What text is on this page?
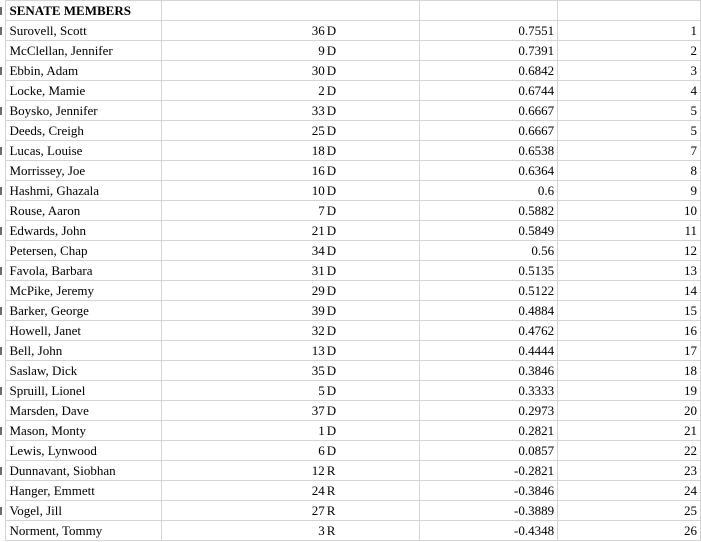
	SENATE MEMBERS				

	Surovell, Scott	36	D	0.7551	1
	McClellan, Jennifer	9	D	0.7391	2

	Ebbin, Adam	30	D	0.6842	3
	Locke, Mamie	2	D	0.6744	4

	Boysko, Jennifer	33	D	0.6667	5
	Deeds, Creigh	25	D	0.6667	5

	Lucas, Louise	18	D	0.6538	7
	Morrissey, Joe	16	D	0.6364	8

	Hashmi, Ghazala	10	D	0.6	9
	Rouse, Aaron	7	D	0.5882	10

	Edwards, John	21	D	0.5849	11
	Petersen, Chap	34	D	0.56	12

	Favola, Barbara	31	D	0.5135	13
	McPike, Jeremy	29	D	0.5122	14

	Barker, George	39	D	0.4884	15
	Howell, Janet	32	D	0.4762	16

	Bell, John	13	D	0.4444	17
	Saslaw, Dick	35	D	0.3846	18

	Spruill, Lionel	5	D	0.3333	19
	Marsden, Dave	37	D	0.2973	20

	Mason, Monty	1	D	0.2821	21
	Lewis, Lynwood	6	D	0.0857	22

	Dunnavant, Siobhan	12	R	-0.2821	23
	Hanger, Emmett	24	R	-0.3846	24

	Vogel, Jill	27	R	-0.3889	25
	Norment, Tommy	3	R	-0.4348	26
